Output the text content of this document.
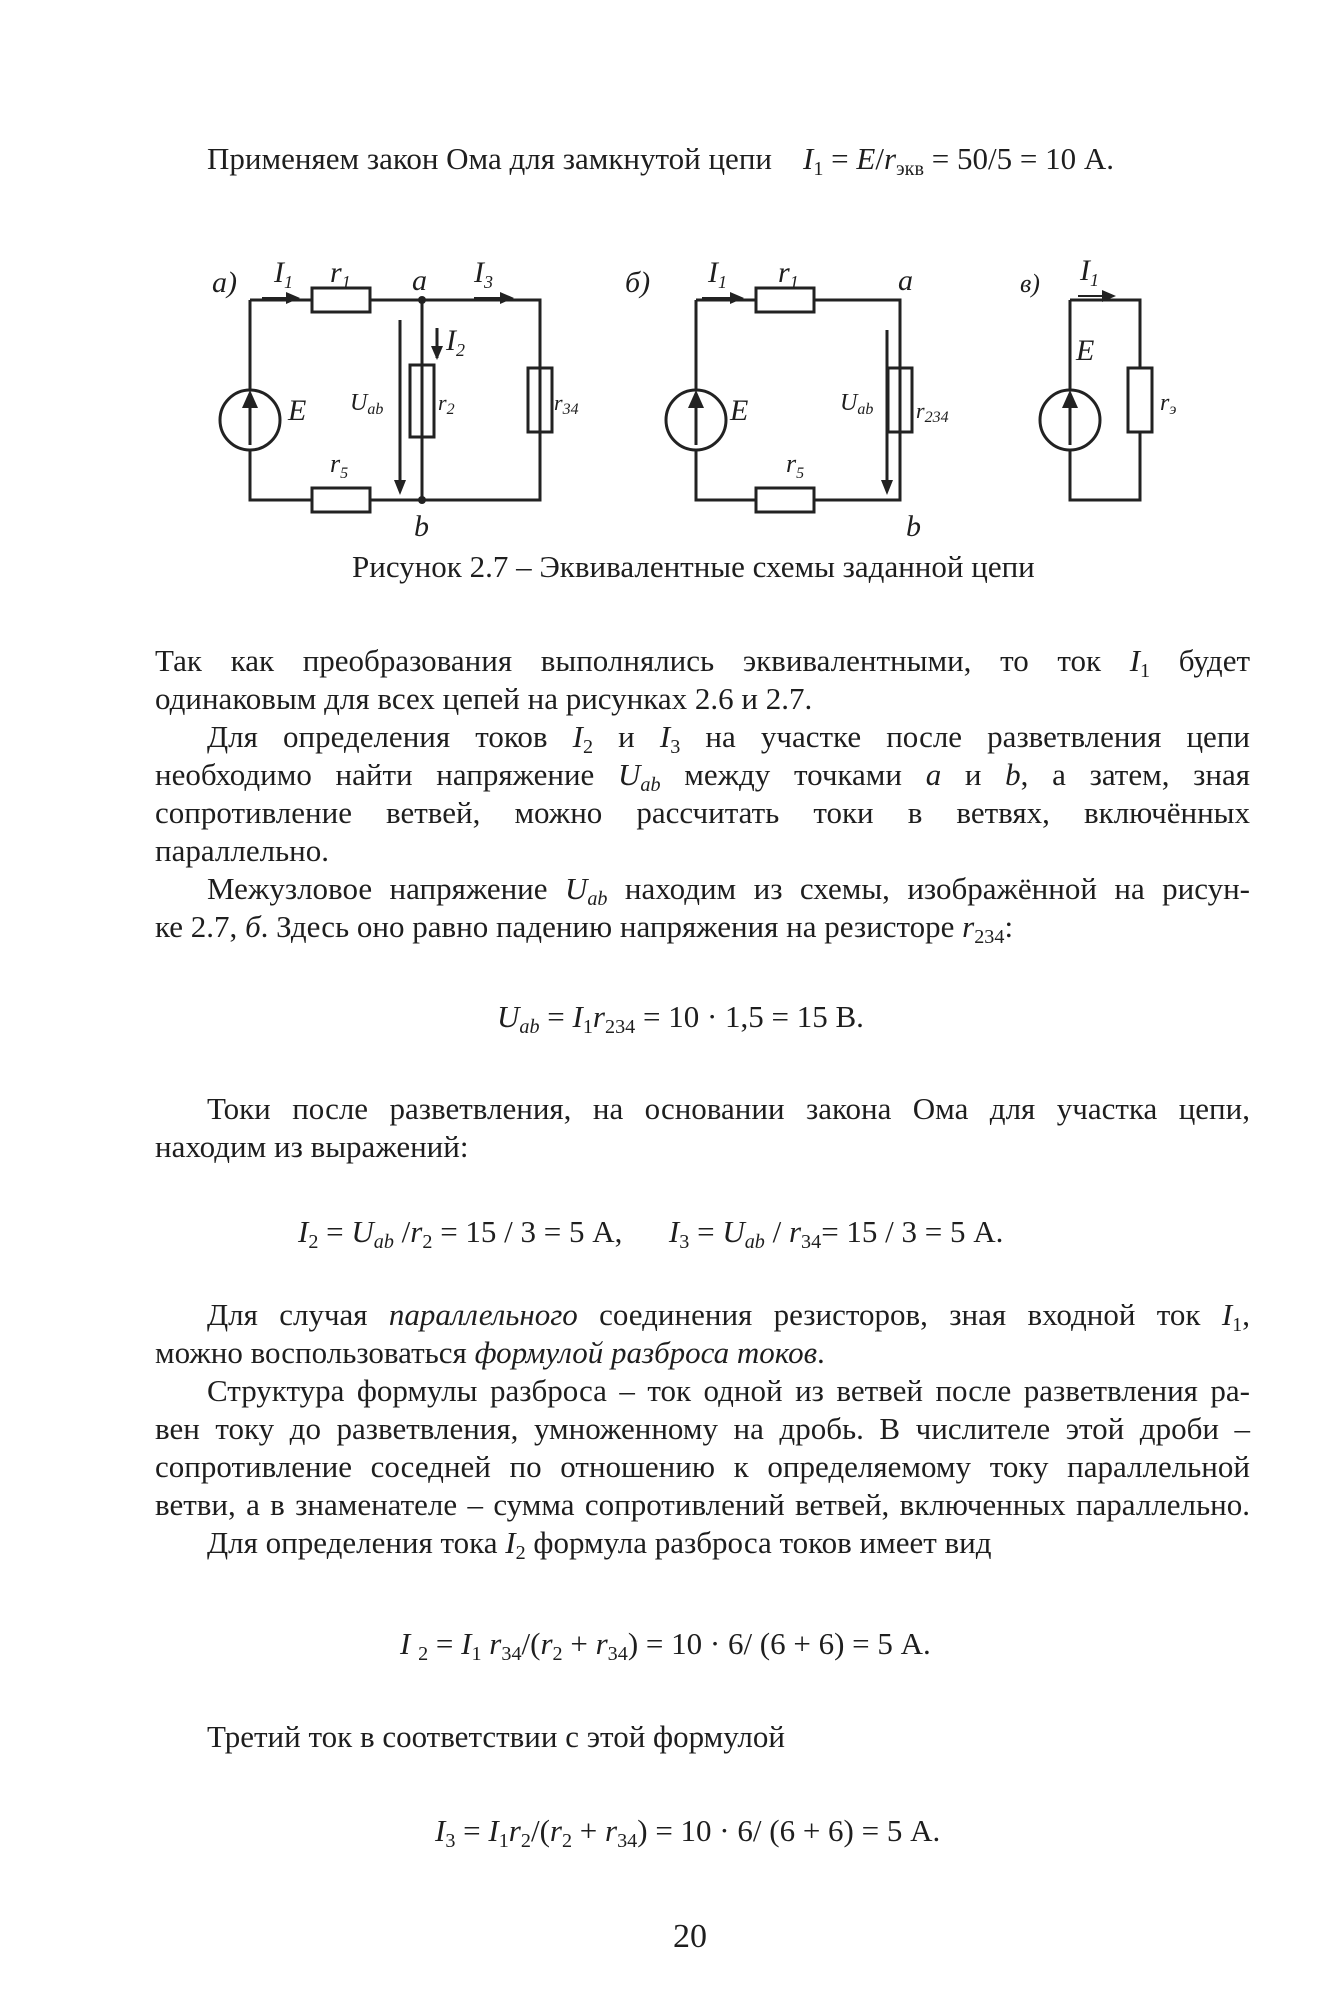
Применяем закон Ома для замкнутой цепи $I_1 = E/r_{экв} = 50/5 = 10$ А.
а) $I_1$ $r_1$ a $I_3$
$I_2$
E Uab r2	r34
$r_5$
b
б) $I_1$ $r_1$	a
E	Uab r234
$r_5$
b
в) $I_1$
E
rэ
Рисунок 2.7 – Эквивалентные схемы заданной цепи
Так как преобразования выполнялись эквивалентными, то ток $I_1$ будет
одинаковым для всех цепей на рисунках 2.6 и 2.7.
Для определения токов $I_2$ и $I_3$ на участке после разветвления цепи
необходимо найти напряжение $U_{ab}$ между точками a и b, а затем, зная
сопротивление ветвей, можно рассчитать токи в ветвях, включённых
параллельно.
Межузловое напряжение $U_{ab}$ находим из схемы, изображённой на рисун-
ке 2.7, б. Здесь оно равно падению напряжения на резисторе $r_{234}$:
$U_{ab} = I_1r_{234} = 10 \cdot 1,5 = 15$ В.
Токи после разветвления, на основании закона Ома для участка цепи,
находим из выражений:
$I_2 = U_{ab}$ $/r_2 = 15 / 3 = 5$ А, $I_3 = U_{ab} / r_{34}= 15 / 3 = 5$ А.
Для случая параллельного соединения резисторов, зная входной ток $I_1$,
можно воспользоваться формулой разброса токов.
Структура формулы разброса – ток одной из ветвей после разветвления ра-
вен току до разветвления, умноженному на дробь. В числителе этой дроби –
сопротивление соседней по отношению к определяемому току параллельной
ветви, а в знаменателе – сумма сопротивлений ветвей, включенных параллельно.
Для определения тока $I_2$ формула разброса токов имеет вид
I $_2 = I_1$ $r_{34}/(r_2 + r_{34}) = 10 \cdot 6/$ (6 + 6) = 5 А.
Третий ток в соответствии с этой формулой
$I_3 = I_1r_2/(r_2 + r_{34}) = 10 \cdot 6/$ (6 + 6) = 5 А.
20
